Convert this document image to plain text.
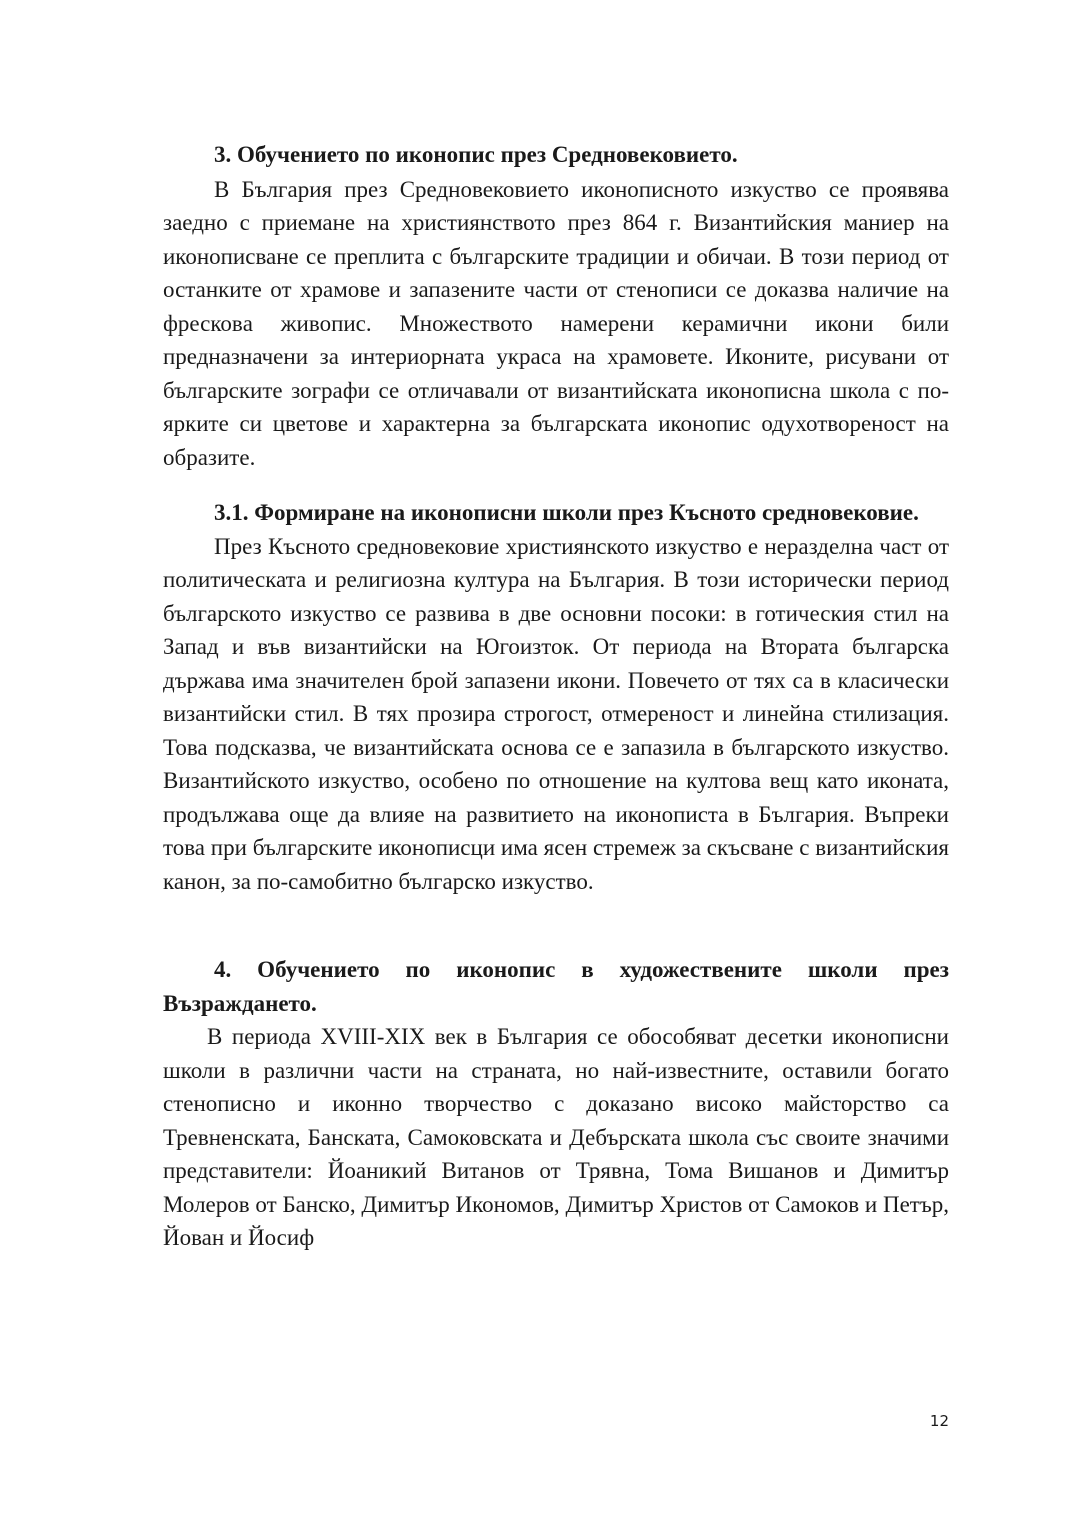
3. Обучението по иконопис през Средновековието.

В България през Средновековието иконописното изкуство се проявява заедно с приемане на християнството през 864 г. Византийския маниер на иконописване се преплита с българските традиции и обичаи. В този период от останките от храмове и запазените части от стенописи се доказва наличие на фресковa живопис. Множеството намерени керамични икони били предназначени за интериорната украса на храмовете. Иконите, рисувани от българските зографи се отличавали от византийската иконописна школа с по-ярките си цветове и характерна за българската иконопис одухотвореност на образите.

3.1. Формиране на иконописни школи през Късното средновековие.

През Късното средновековие християнското изкуство е неразделна част от политическата и религиозна култура на България. В този исторически период българското изкуство се развива в две основни посоки: в готическия стил на Запад и във византийски на Югоизток. От периода на Втората българска държава има значителен брой запазени икони. Повечето от тях са в класически византийски стил. В тях прозира строгост, отмереност и линейна стилизация. Това подсказва, че византийската основа се е запазила в българското изкуство. Византийското изкуство, особено по отношение на култова вещ като иконата, продължава още да влияе на развитието на иконописта в България. Въпреки това при българските иконописци има ясен стремеж за скъсване с византийския канон, за по-самобитно българско изкуство.

4. Обучението по иконопис в художествените школи през Възраждането.

В периода XVIII-XIX век в България се обособяват десетки иконописни школи в различни части на страната, но най-известните, оставили богато стенописно и иконно творчество с доказано високо майсторство са Тревненската, Банската, Самоковската и Дебърската школа със своите значими представители: Йоаникий Витанов от Трявна, Тома Вишанов и Димитър Молеров от Банско, Димитър Икономов, Димитър Христов от Самоков и Петър, Йован и Йосиф

12
